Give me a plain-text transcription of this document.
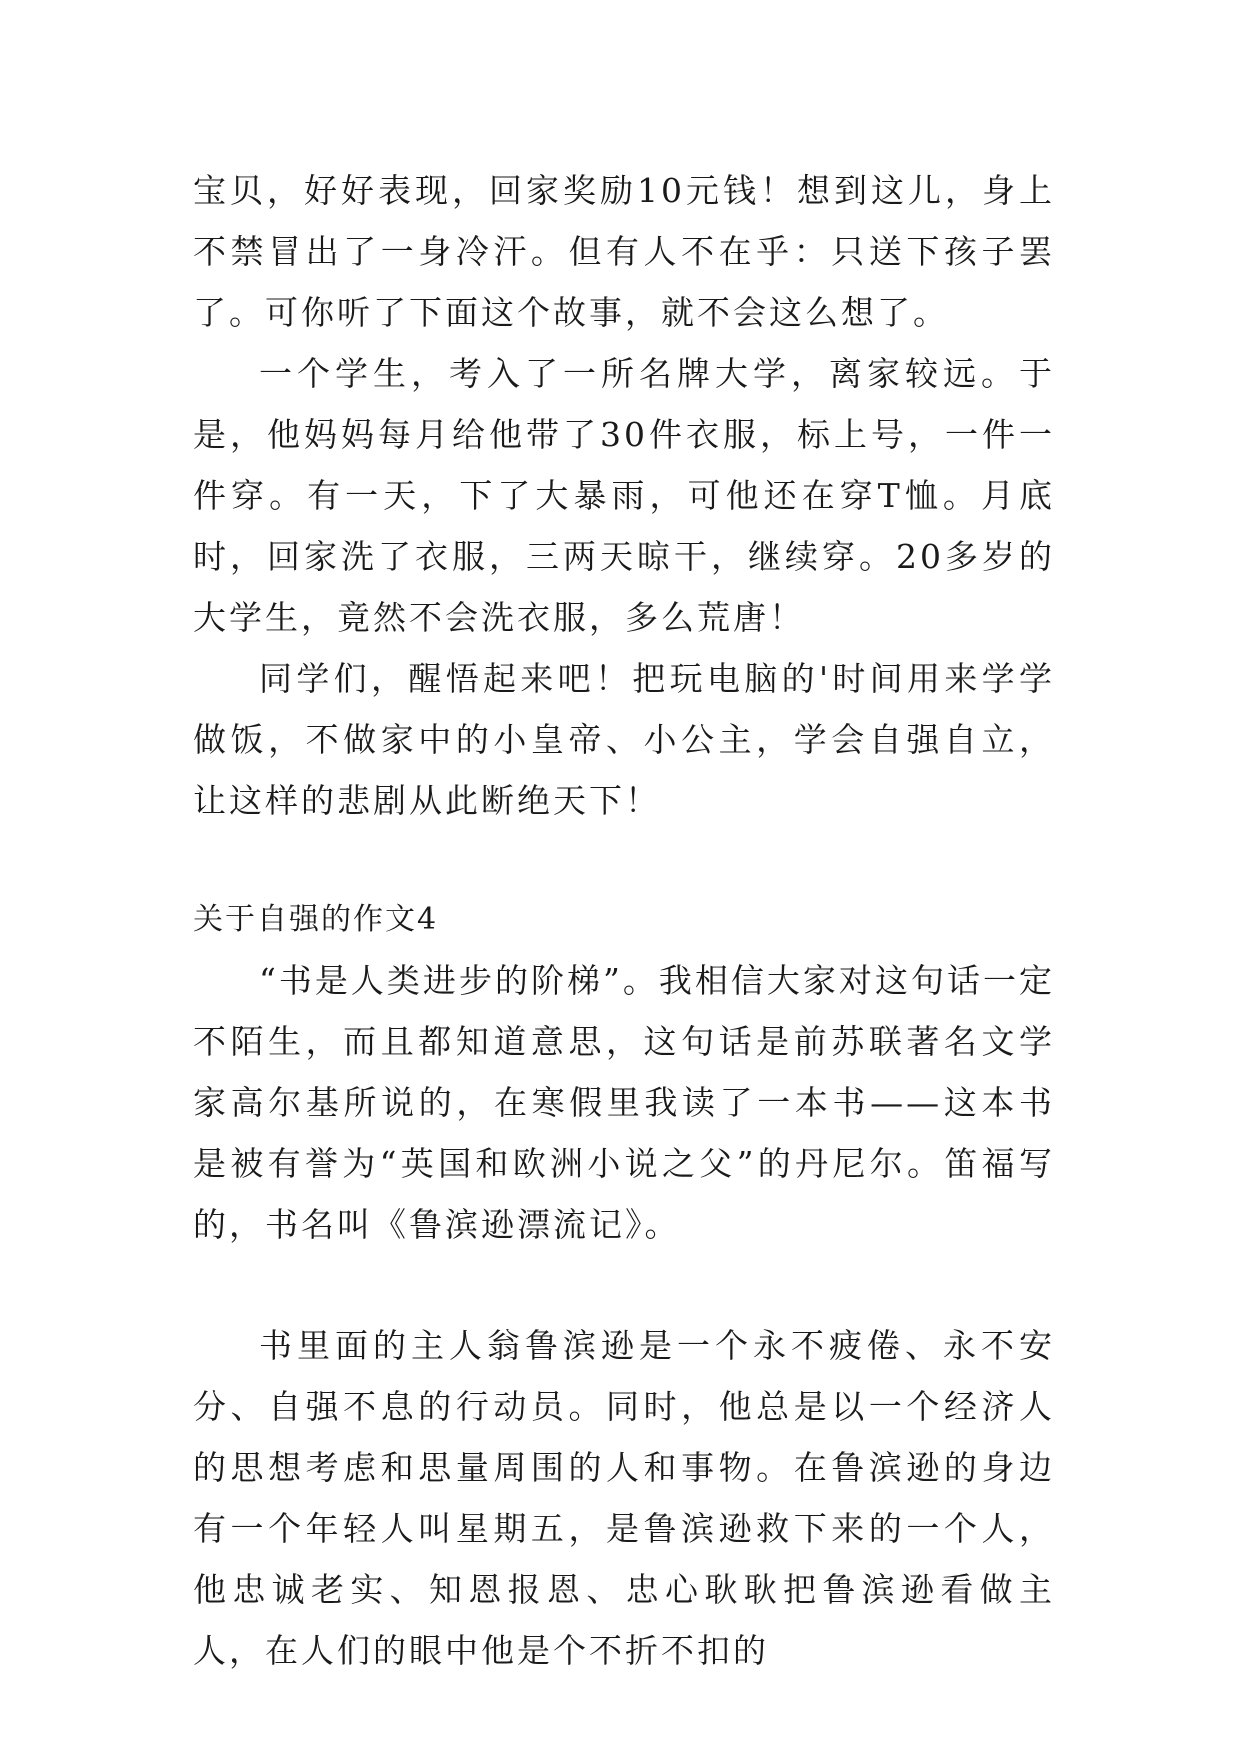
宝贝，好好表现，回家奖励10元钱！想到这儿，身上不禁冒出了一身冷汗。但有人不在乎：只送下孩子罢了。可你听了下面这个故事，就不会这么想了。

一个学生，考入了一所名牌大学，离家较远。于是，他妈妈每月给他带了30件衣服，标上号，一件一件穿。有一天，下了大暴雨，可他还在穿T恤。月底时，回家洗了衣服，三两天晾干，继续穿。20多岁的大学生，竟然不会洗衣服，多么荒唐！

同学们，醒悟起来吧！把玩电脑的'时间用来学学做饭，不做家中的小皇帝、小公主，学会自强自立，让这样的悲剧从此断绝天下！

关于自强的作文4

“书是人类进步的阶梯”。我相信大家对这句话一定不陌生，而且都知道意思，这句话是前苏联著名文学家高尔基所说的，在寒假里我读了一本书——这本书是被有誉为“英国和欧洲小说之父”的丹尼尔。笛福写的，书名叫《鲁滨逊漂流记》。

书里面的主人翁鲁滨逊是一个永不疲倦、永不安分、自强不息的行动员。同时，他总是以一个经济人的思想考虑和思量周围的人和事物。在鲁滨逊的身边有一个年轻人叫星期五，是鲁滨逊救下来的一个人，他忠诚老实、知恩报恩、忠心耿耿把鲁滨逊看做主人，在人们的眼中他是个不折不扣的
